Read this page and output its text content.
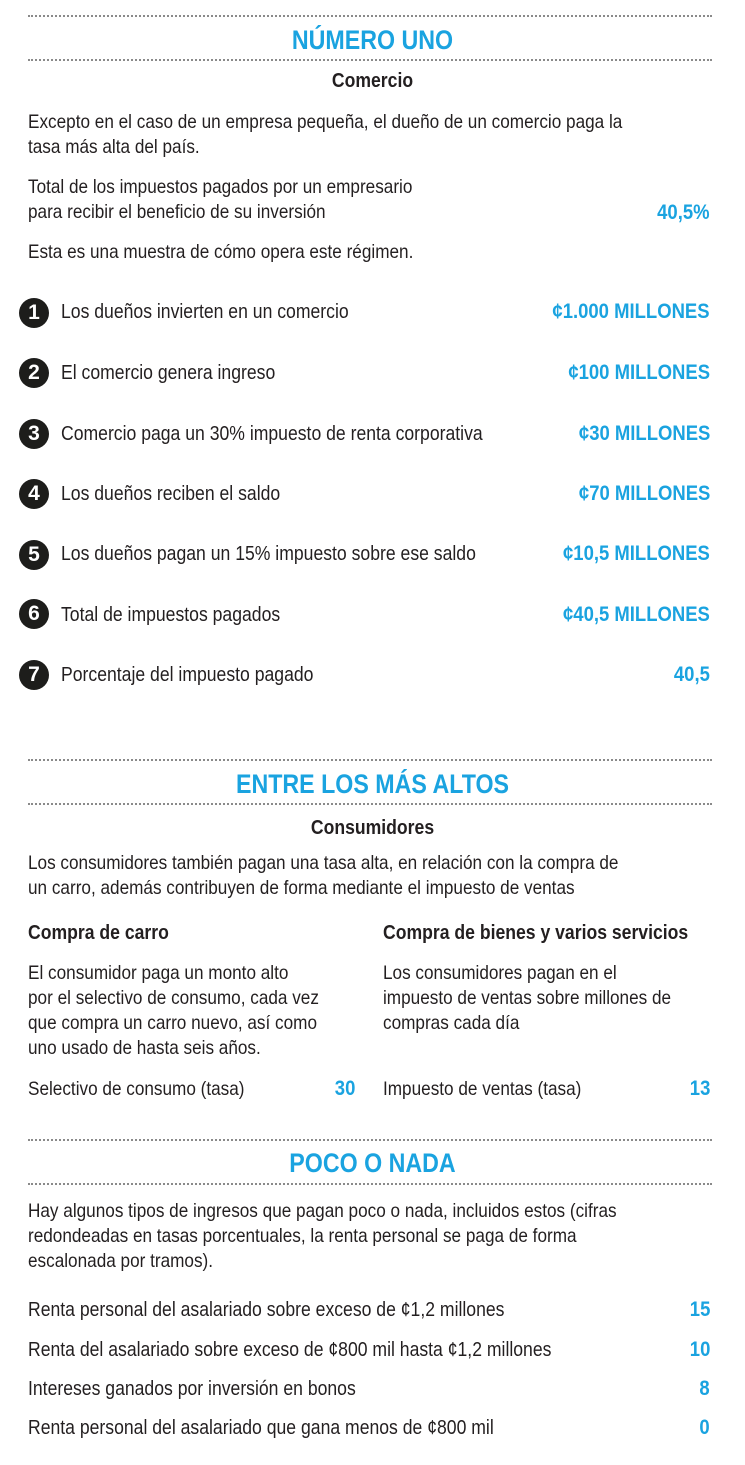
NÚMERO UNO
Comercio
Excepto en el caso de un empresa pequeña, el dueño de un comercio paga la
tasa más alta del país.
Total de los impuestos pagados por un empresario
para recibir el beneficio de su inversión	40,5%
Esta es una muestra de cómo opera este régimen.
1	Los dueños invierten en un comercio	¢1.000 MILLONES
2	El comercio genera ingreso	¢100 MILLONES
3	Comercio paga un 30% impuesto de renta corporativa	¢30 MILLONES
4	Los dueños reciben el saldo	¢70 MILLONES
5	Los dueños pagan un 15% impuesto sobre ese saldo	¢10,5 MILLONES
6	Total de impuestos pagados	¢40,5 MILLONES
7	Porcentaje del impuesto pagado	40,5
ENTRE LOS MÁS ALTOS
Consumidores
Los consumidores también pagan una tasa alta, en relación con la compra de
un carro, además contribuyen de forma mediante el impuesto de ventas
Compra de carro	Compra de bienes y varios servicios
El consumidor paga un monto alto
por el selectivo de consumo, cada vez
que compra un carro nuevo, así como
uno usado de hasta seis años.
Los consumidores pagan en el
impuesto de ventas sobre millones de
compras cada día
Selectivo de consumo (tasa)	30 Impuesto de ventas (tasa)	13
POCO O NADA
Hay algunos tipos de ingresos que pagan poco o nada, incluidos estos (cifras
redondeadas en tasas porcentuales, la renta personal se paga de forma
escalonada por tramos).
Renta personal del asalariado sobre exceso de ¢1,2 millones	15
Renta del asalariado sobre exceso de ¢800 mil hasta ¢1,2 millones	10
Intereses ganados por inversión en bonos	8
Renta personal del asalariado que gana menos de ¢800 mil	0
